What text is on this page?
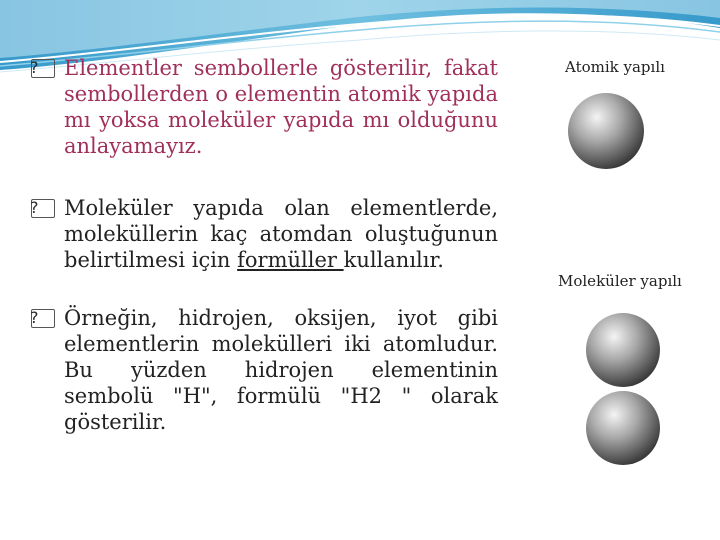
?	Elementler sembollerle gösterilir, fakat sembollerden o elementin atomik yapıda mı yoksa moleküler yapıda mı olduğunu anlayamayız.
?	Moleküler yapıda olan elementlerde, moleküllerin kaç atomdan oluştuğunun belirtilmesi için formüller kullanılır.
?	Örneğin, hidrojen, oksijen, iyot gibi elementlerin molekülleri iki atomludur. Bu yüzden hidrojen elementinin sembolü "H", formülü "H2 " olarak gösterilir.
Atomik yapılı
Moleküler yapılı
